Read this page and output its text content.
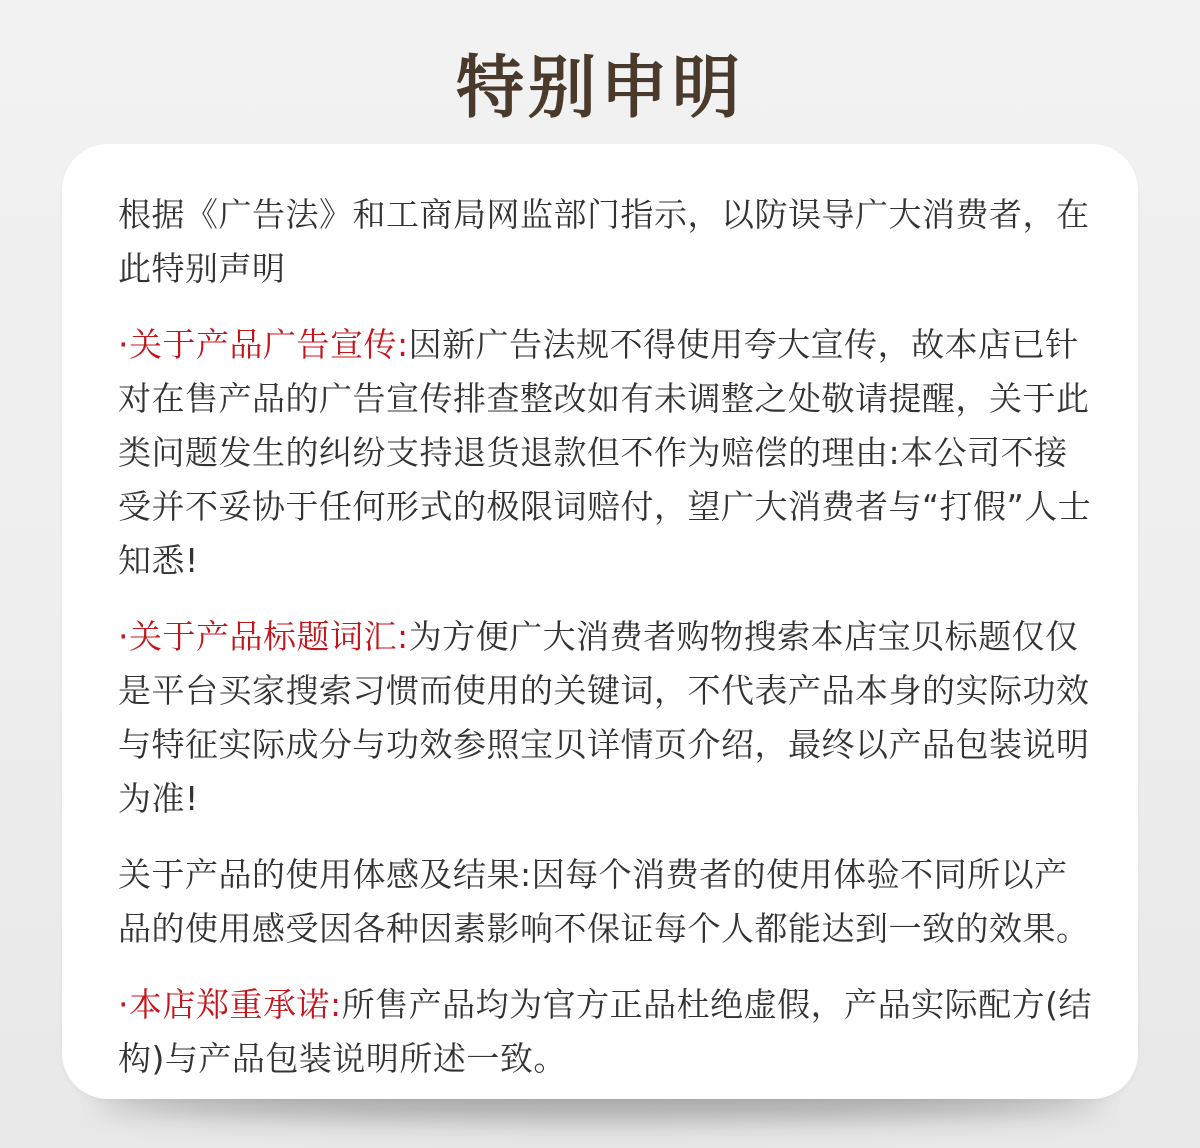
特别申明

根据《广告法》和工商局网监部门指示，以防误导广大消费者，在此特别声明

·关于产品广告宣传:因新广告法规不得使用夸大宣传，故本店已针对在售产品的广告宣传排查整改如有未调整之处敬请提醒，关于此类问题发生的纠纷支持退货退款但不作为赔偿的理由:本公司不接受并不妥协于任何形式的极限词赔付，望广大消费者与“打假”人士知悉!

·关于产品标题词汇:为方便广大消费者购物搜索本店宝贝标题仅仅是平台买家搜索习惯而使用的关键词，不代表产品本身的实际功效与特征实际成分与功效参照宝贝详情页介绍，最终以产品包装说明为准!

关于产品的使用体感及结果:因每个消费者的使用体验不同所以产品的使用感受因各种因素影响不保证每个人都能达到一致的效果。

·本店郑重承诺:所售产品均为官方正品杜绝虚假，产品实际配方(结构)与产品包装说明所述一致。
